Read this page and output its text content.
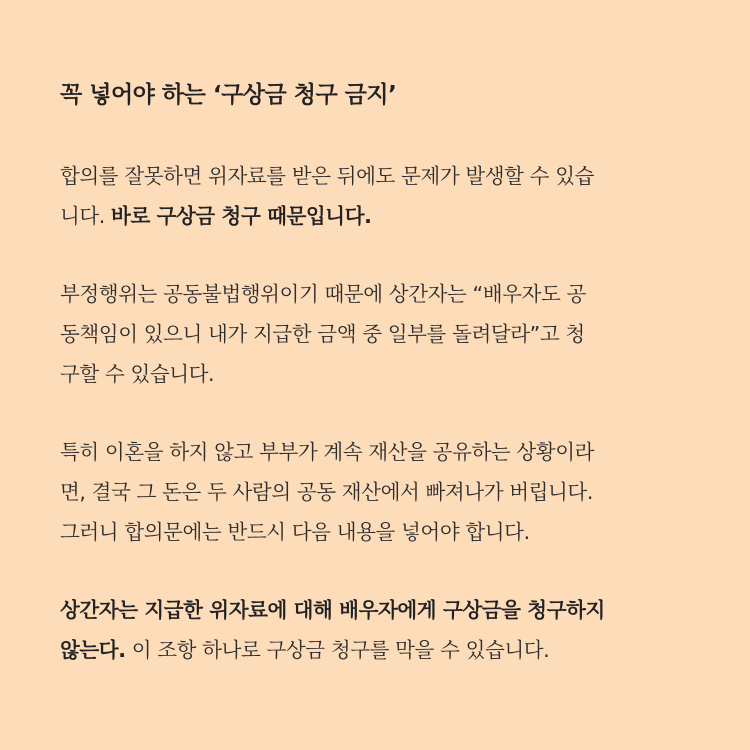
꼭 넣어야 하는 ‘구상금 청구 금지’

합의를 잘못하면 위자료를 받은 뒤에도 문제가 발생할 수 있습
니다. 바로 구상금 청구 때문입니다.

부정행위는 공동불법행위이기 때문에 상간자는 “배우자도 공
동책임이 있으니 내가 지급한 금액 중 일부를 돌려달라”고 청
구할 수 있습니다.

특히 이혼을 하지 않고 부부가 계속 재산을 공유하는 상황이라
면, 결국 그 돈은 두 사람의 공동 재산에서 빠져나가 버립니다.
그러니 합의문에는 반드시 다음 내용을 넣어야 합니다.

상간자는 지급한 위자료에 대해 배우자에게 구상금을 청구하지
않는다. 이 조항 하나로 구상금 청구를 막을 수 있습니다.
